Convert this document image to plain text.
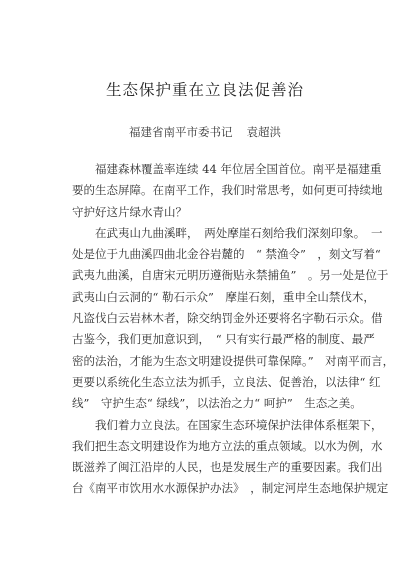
生态保护重在立良法促善治
福建省南平市委书记 袁超洪
　　福建森林覆盖率连续 44 年位居全国首位。南平是福建重
要的生态屏障。在南平工作，我们时常思考，如何更可持续地
守护好这片绿水青山？
　　在武夷山九曲溪畔，　两处摩崖石刻给我们深刻印象。　一
处是位于九曲溪四曲北金谷岩麓的　“ 禁渔令”　，刻文写着“
武夷九曲溪，自唐宋元明历遵衙贴永禁捕鱼”　。另一处是位于
武夷山白云洞的“ 勒石示众”　摩崖石刻，重申全山禁伐木，
凡盗伐白云岩林木者，除交纳罚金外还要将名字勒石示众。借
古鉴今，我们更加意识到，　“ 只有实行最严格的制度、最严
密的法治，才能为生态文明建设提供可靠保障。”　对南平而言，
更要以系统化生态立法为抓手，立良法、促善治，以法律“ 红
线”　守护生态“ 绿线”，以法治之力“ 呵护”　生态之美。
　　我们着力立良法。在国家生态环境保护法律体系框架下，
我们把生态文明建设作为地方立法的重点领域。以水为例，水
既滋养了闽江沿岸的人民，也是发展生产的重要因素。我们出
台《南平市饮用水水源保护办法》　，制定河岸生态地保护规定
